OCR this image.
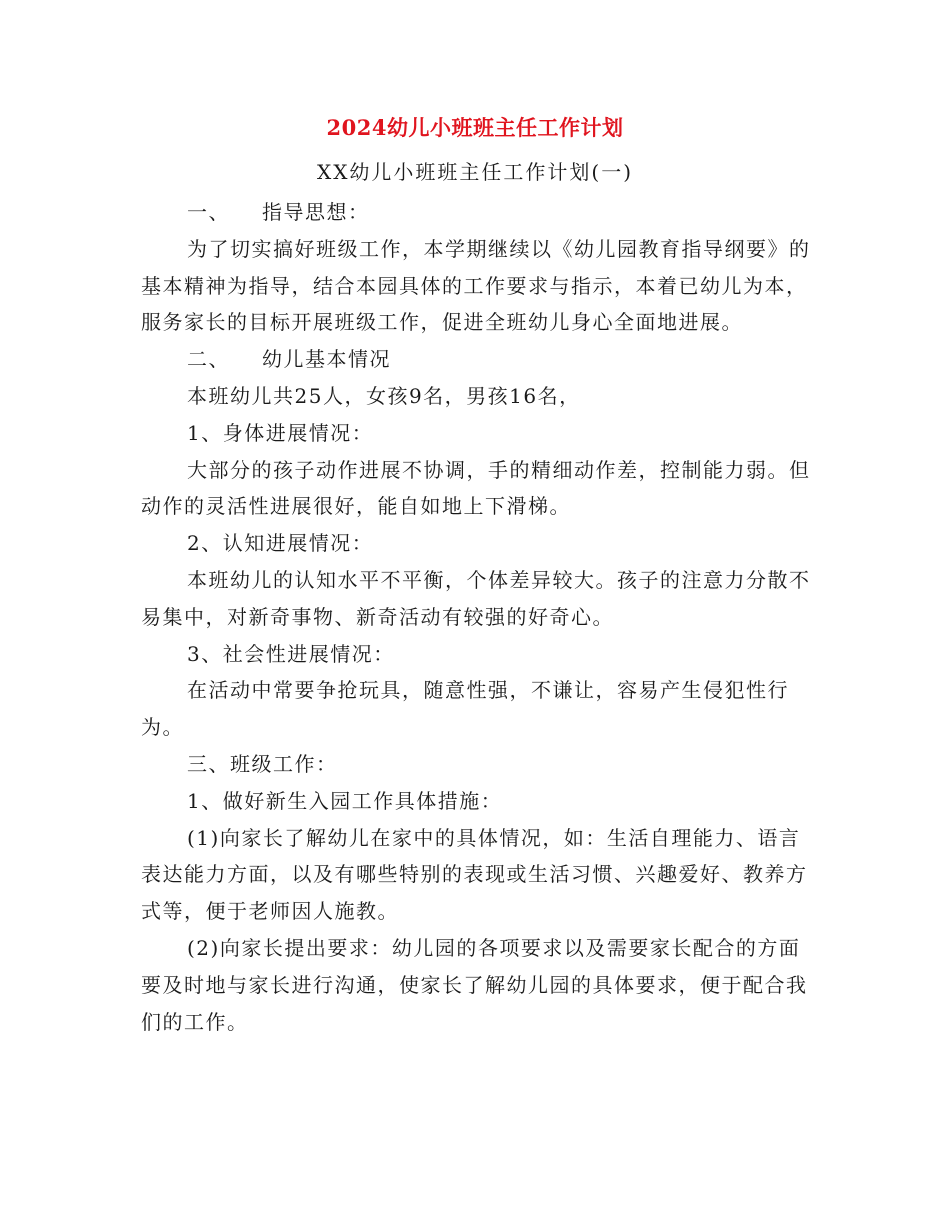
2024幼儿小班班主任工作计划
XX幼儿小班班主任工作计划(一)

一、 指导思想：

为了切实搞好班级工作，本学期继续以《幼儿园教育指导纲要》的基本精神为指导，结合本园具体的工作要求与指示，本着已幼儿为本，服务家长的目标开展班级工作，促进全班幼儿身心全面地进展。

二、 幼儿基本情况

本班幼儿共25人，女孩9名，男孩16名，

1、身体进展情况：

大部分的孩子动作进展不协调，手的精细动作差，控制能力弱。但动作的灵活性进展很好，能自如地上下滑梯。

2、认知进展情况：

本班幼儿的认知水平不平衡，个体差异较大。孩子的注意力分散不易集中，对新奇事物、新奇活动有较强的好奇心。

3、社会性进展情况：

在活动中常要争抢玩具，随意性强，不谦让，容易产生侵犯性行为。

三、班级工作：

1、做好新生入园工作具体措施：

(1)向家长了解幼儿在家中的具体情况，如：生活自理能力、语言表达能力方面，以及有哪些特别的表现或生活习惯、兴趣爱好、教养方式等，便于老师因人施教。

(2)向家长提出要求：幼儿园的各项要求以及需要家长配合的方面要及时地与家长进行沟通，使家长了解幼儿园的具体要求，便于配合我们的工作。
